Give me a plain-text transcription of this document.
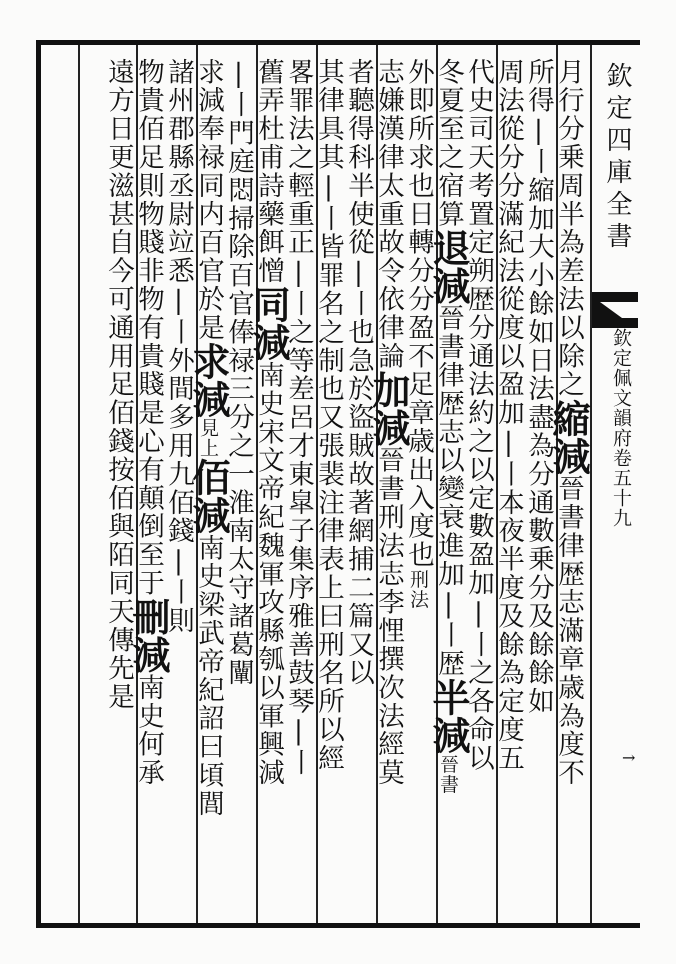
欽定四庫全書
欽定佩文韻府卷五十九
→
月行分乗周半為差法以除之縮減晉書律歴志滿章歳為度不
所得|丨縮加大小餘如日法盡為分通數乗分及餘餘如
周法從分分滿紀法從度以盈加|丨本夜半度及餘為定度五
代史司天考置定朔歴分通法約之以定數盈加|丨之各命以
冬夏至之宿算退減晉書律歴志以變衰進加|丨歴半減晉書
外即所求也日轉分分盈不足章歳出入度也刑法
志嫌漢律太重故令依律論加減晉書刑法志李悝撰次法經莫
者聽得科半使從|丨也急於盜賊故著網捕二篇又以
其律具其|丨皆罪名之制也又張裴注律表上曰刑名所以經
畧罪法之輕重正|丨之等差呂才東皐子集序雅善鼓琴|丨
舊弄杜甫詩藥餌憎同減南史宋文帝紀魏軍攻縣瓠以軍興減
|丨門庭悶掃除百官俸禄三分之一淮南太守諸葛闡
求減奉禄同内百官於是求減見上佰減南史梁武帝紀詔曰頃閭
諸州郡縣丞尉竝悉|丨外間多用九佰錢|丨則
物貴佰足則物賤非物有貴賤是心有顛倒至于刪減南史何承
遠方日更滋甚自今可通用足佰錢按佰與陌同天傳先是
